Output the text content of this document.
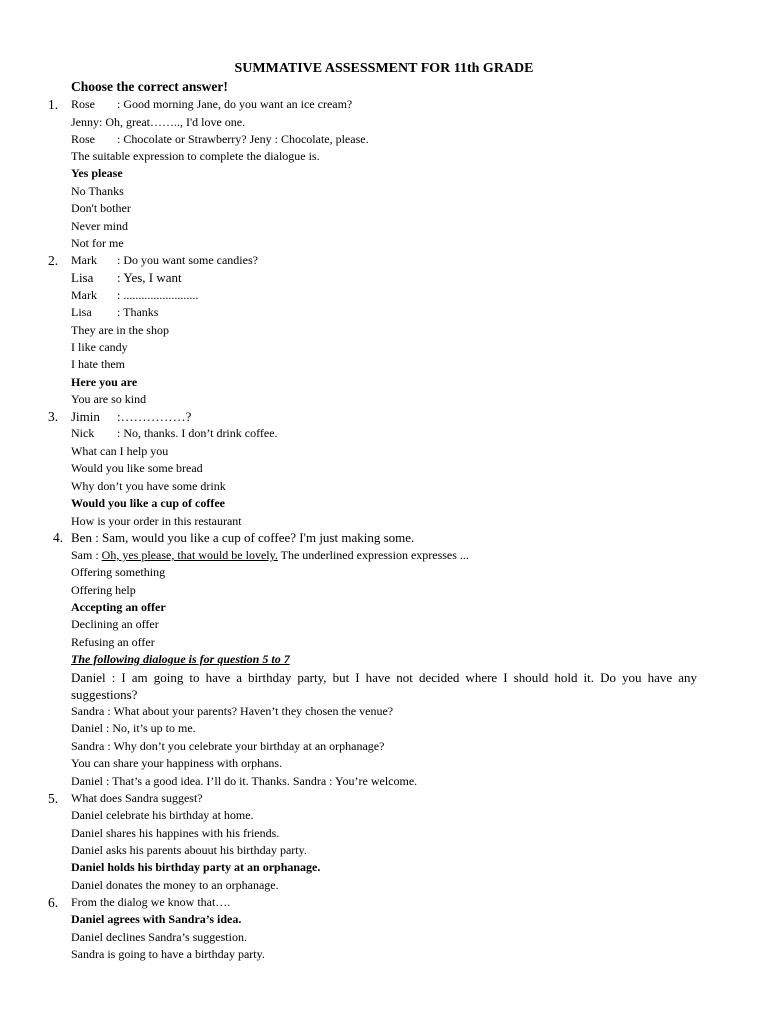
SUMMATIVE ASSESSMENT FOR 11th GRADE
Choose the correct answer!
1. Rose : Good morning Jane, do you want an ice cream?
Jenny: Oh, great…….., I'd love one.
Rose : Chocolate or Strawberry? Jeny : Chocolate, please.
The suitable expression to complete the dialogue is.
Yes please
No Thanks
Don't bother
Never mind
Not for me
2. Mark : Do you want some candies?
Lisa : Yes, I want
Mark : .........................
Lisa : Thanks
They are in the shop
I like candy
I hate them
Here you are
You are so kind
3. Jimin :……………?
Nick : No, thanks. I don’t drink coffee.
What can I help you
Would you like some bread
Why don’t you have some drink
Would you like a cup of coffee
How is your order in this restaurant
4. Ben : Sam, would you like a cup of coffee? I'm just making some.
Sam : Oh, yes please, that would be lovely. The underlined expression expresses ...
Offering something
Offering help
Accepting an offer
Declining an offer
Refusing an offer
The following dialogue is for question 5 to 7
Daniel : I am going to have a birthday party, but I have not decided where I should hold it. Do you have any suggestions?
Sandra : What about your parents? Haven’t they chosen the venue?
Daniel : No, it’s up to me.
Sandra : Why don’t you celebrate your birthday at an orphanage?
You can share your happiness with orphans.
Daniel : That’s a good idea. I’ll do it. Thanks. Sandra : You’re welcome.
5. What does Sandra suggest?
Daniel celebrate his birthday at home.
Daniel shares his happines with his friends.
Daniel asks his parents abouut his birthday party.
Daniel holds his birthday party at an orphanage.
Daniel donates the money to an orphanage.
6. From the dialog we know that….
Daniel agrees with Sandra’s idea.
Daniel declines Sandra’s suggestion.
Sandra is going to have a birthday party.
